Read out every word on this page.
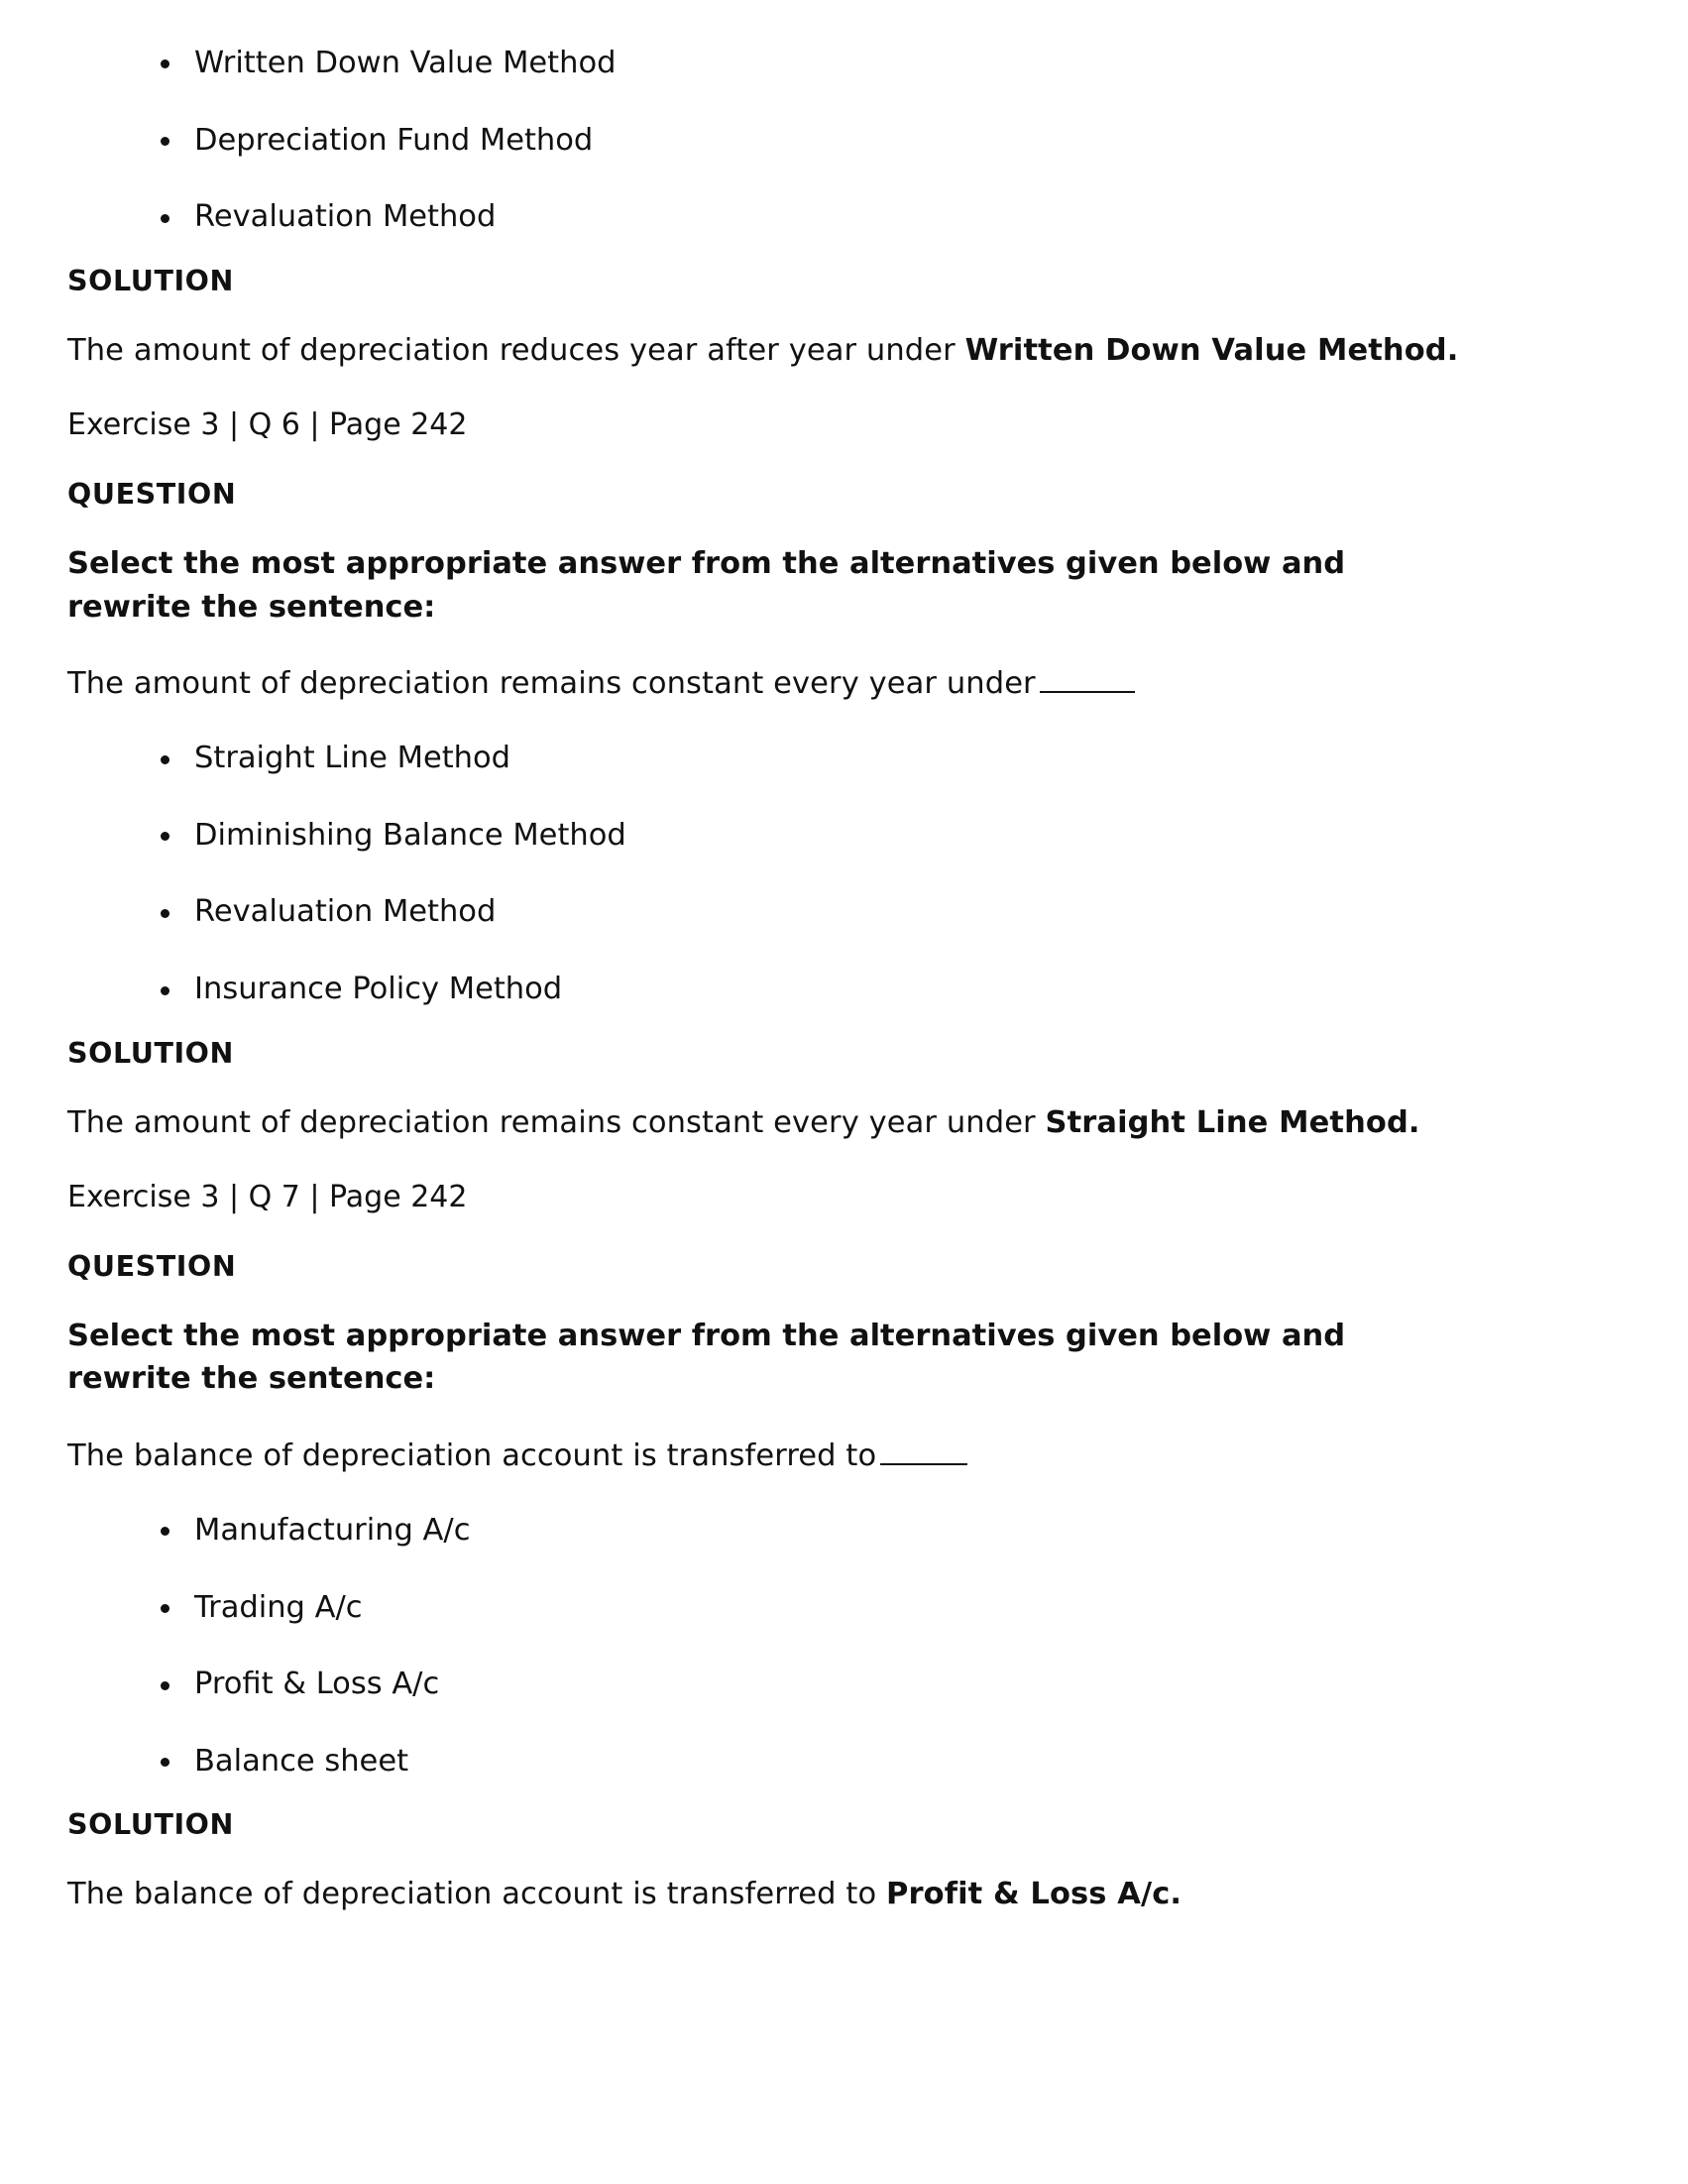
Written Down Value Method
Depreciation Fund Method
Revaluation Method
SOLUTION

The amount of depreciation reduces year after year under Written Down Value Method.

Exercise 3 | Q 6 | Page 242
QUESTION

Select the most appropriate answer from the alternatives given below and rewrite the sentence:

The amount of depreciation remains constant every year under

Straight Line Method
Diminishing Balance Method
Revaluation Method
Insurance Policy Method
SOLUTION

The amount of depreciation remains constant every year under Straight Line Method.

Exercise 3 | Q 7 | Page 242
QUESTION

Select the most appropriate answer from the alternatives given below and rewrite the sentence:

The balance of depreciation account is transferred to

Manufacturing A/c
Trading A/c
Profit & Loss A/c
Balance sheet
SOLUTION

The balance of depreciation account is transferred to Profit & Loss A/c.
